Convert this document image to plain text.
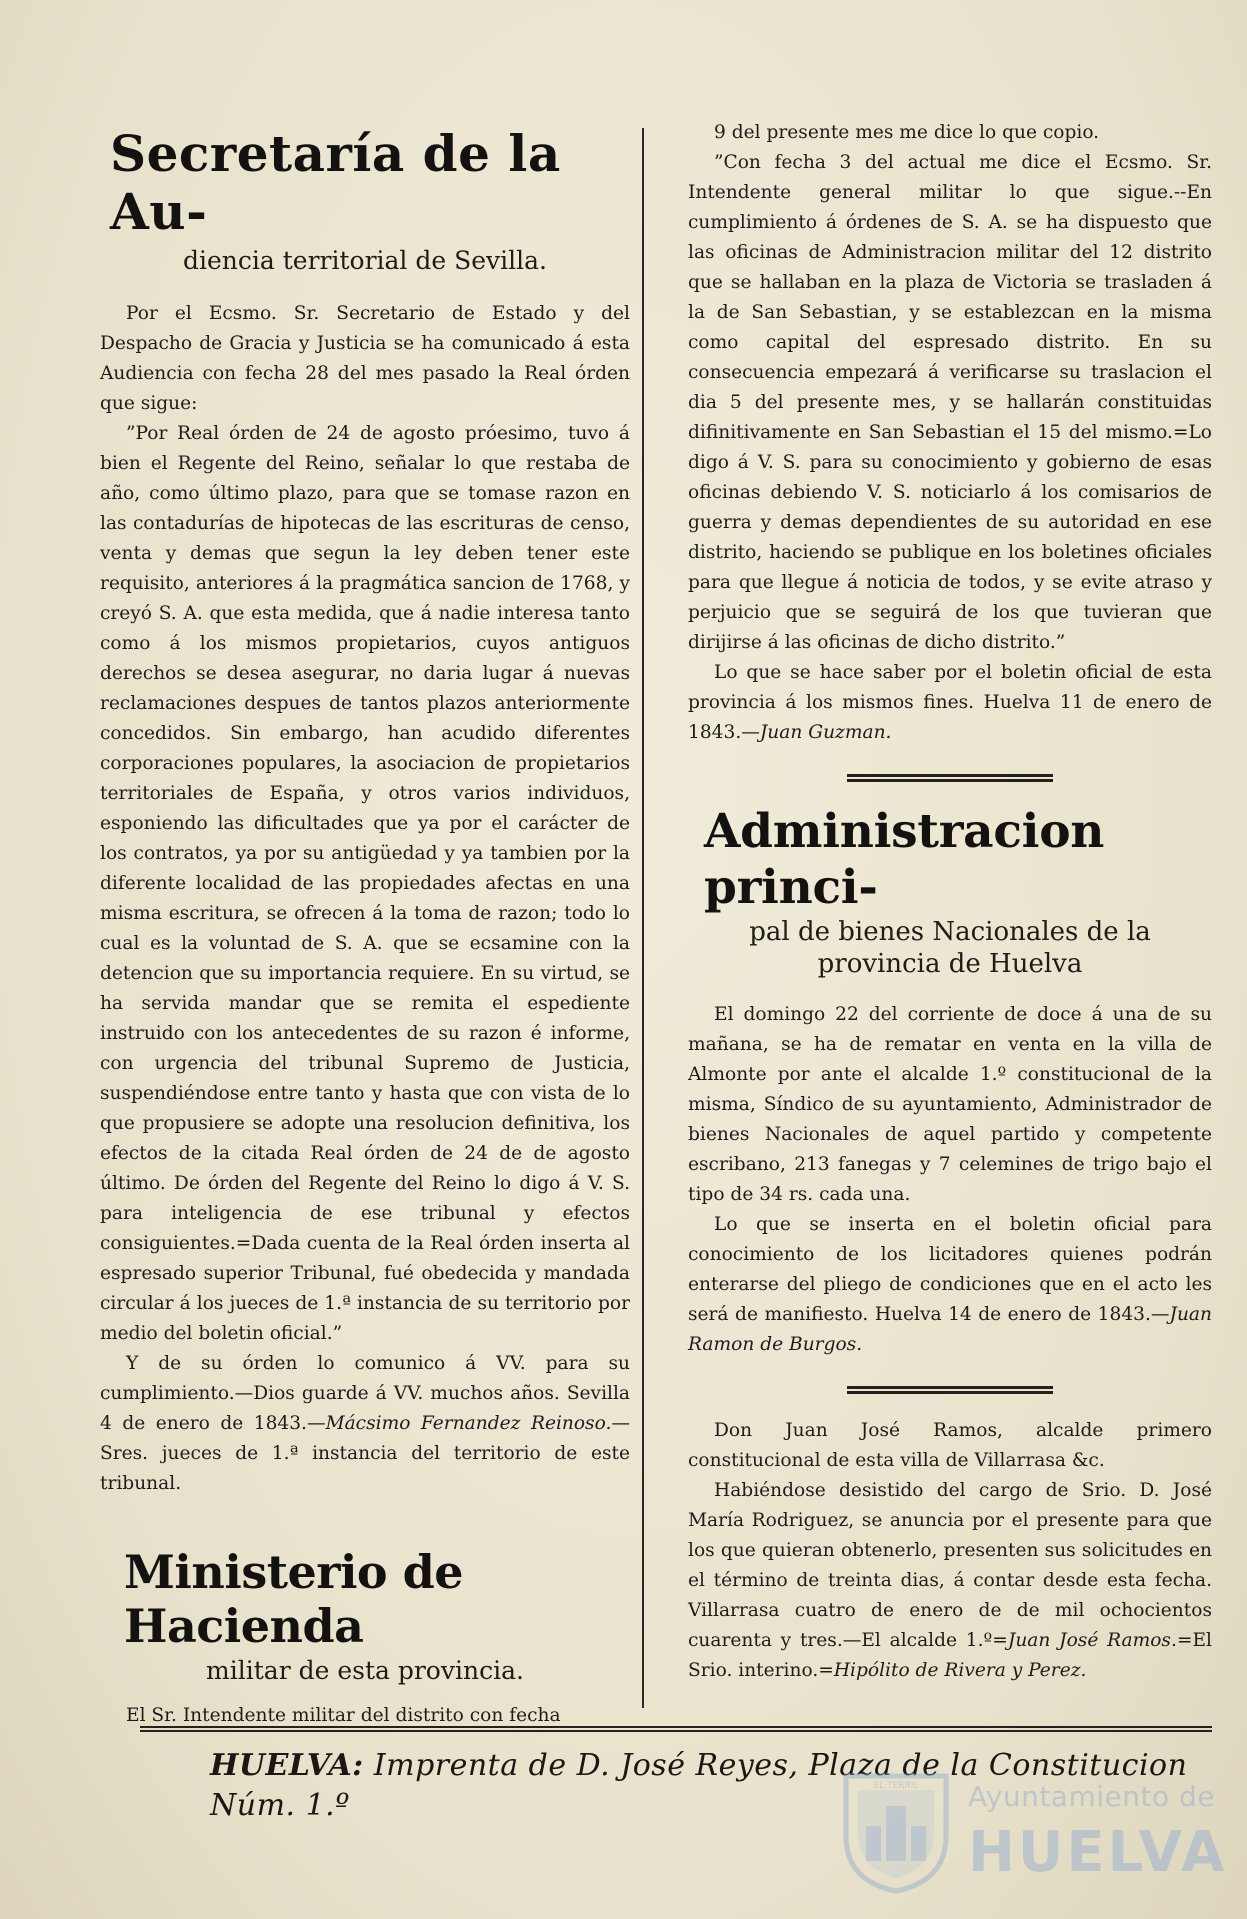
Secretaría de la Au-
diencia territorial de Sevilla.

Por el Ecsmo. Sr. Secretario de Estado y del Despacho de Gracia y Justicia se ha comunicado á esta Audiencia con fecha 28 del mes pasado la Real órden que sigue:

”Por Real órden de 24 de agosto próesimo, tuvo á bien el Regente del Reino, señalar lo que restaba de año, como último plazo, para que se tomase razon en las contadurías de hipotecas de las escrituras de censo, venta y demas que segun la ley deben tener este requisito, anteriores á la pragmática sancion de 1768, y creyó S. A. que esta medida, que á nadie interesa tanto como á los mismos propietarios, cuyos antiguos derechos se desea asegurar, no daria lugar á nuevas reclamaciones despues de tantos plazos anteriormente concedidos. Sin embargo, han acudido diferentes corporaciones populares, la asociacion de propietarios territoriales de España, y otros varios individuos, esponiendo las dificultades que ya por el carácter de los contratos, ya por su antigüedad y ya tambien por la diferente localidad de las propiedades afectas en una misma escritura, se ofrecen á la toma de razon; todo lo cual es la voluntad de S. A. que se ecsamine con la detencion que su importancia requiere. En su virtud, se ha servida mandar que se remita el espediente instruido con los antecedentes de su razon é informe, con urgencia del tribunal Supremo de Justicia, suspendiéndose entre tanto y hasta que con vista de lo que propusiere se adopte una resolucion definitiva, los efectos de la citada Real órden de 24 de de agosto último. De órden del Regente del Reino lo digo á V. S. para inteligencia de ese tribunal y efectos consiguientes.=Dada cuenta de la Real órden inserta al espresado superior Tribunal, fué obedecida y mandada circular á los jueces de 1.ª instancia de su territorio por medio del boletin oficial.”

Y de su órden lo comunico á VV. para su cumplimiento.—Dios guarde á VV. muchos años. Sevilla 4 de enero de 1843.—Mácsimo Fernandez Reinoso.—Sres. jueces de 1.ª instancia del territorio de este tribunal.

Ministerio de Hacienda
militar de esta provincia.

El Sr. Intendente militar del distrito con fecha

9 del presente mes me dice lo que copio.

”Con fecha 3 del actual me dice el Ecsmo. Sr. Intendente general militar lo que sigue.--En cumplimiento á órdenes de S. A. se ha dispuesto que las oficinas de Administracion militar del 12 distrito que se hallaban en la plaza de Victoria se trasladen á la de San Sebastian, y se establezcan en la misma como capital del espresado distrito. En su consecuencia empezará á verificarse su traslacion el dia 5 del presente mes, y se hallarán constituidas difinitivamente en San Sebastian el 15 del mismo.=Lo digo á V. S. para su conocimiento y gobierno de esas oficinas debiendo V. S. noticiarlo á los comisarios de guerra y demas dependientes de su autoridad en ese distrito, haciendo se publique en los boletines oficiales para que llegue á noticia de todos, y se evite atraso y perjuicio que se seguirá de los que tuvieran que dirijirse á las oficinas de dicho distrito.”

Lo que se hace saber por el boletin oficial de esta provincia á los mismos fines. Huelva 11 de enero de 1843.—Juan Guzman.

Administracion princi-
pal de bienes Nacionales de la provincia de Huelva

El domingo 22 del corriente de doce á una de su mañana, se ha de rematar en venta en la villa de Almonte por ante el alcalde 1.º constitucional de la misma, Síndico de su ayuntamiento, Administrador de bienes Nacionales de aquel partido y competente escribano, 213 fanegas y 7 celemines de trigo bajo el tipo de 34 rs. cada una.

Lo que se inserta en el boletin oficial para conocimiento de los licitadores quienes podrán enterarse del pliego de condiciones que en el acto les será de manifiesto. Huelva 14 de enero de 1843.—Juan Ramon de Burgos.

Don Juan José Ramos, alcalde primero constitucional de esta villa de Villarrasa &c.

Habiéndose desistido del cargo de Srio. D. José María Rodriguez, se anuncia por el presente para que los que quieran obtenerlo, presenten sus solicitudes en el término de treinta dias, á contar desde esta fecha. Villarrasa cuatro de enero de de mil ochocientos cuarenta y tres.—El alcalde 1.º=Juan José Ramos.=El Srio. interino.=Hipólito de Rivera y Perez.

HUELVA: Imprenta de D. José Reyes, Plaza de la Constitucion Núm. 1.º
EL TERRIL Ayuntamiento de
HUELVA
